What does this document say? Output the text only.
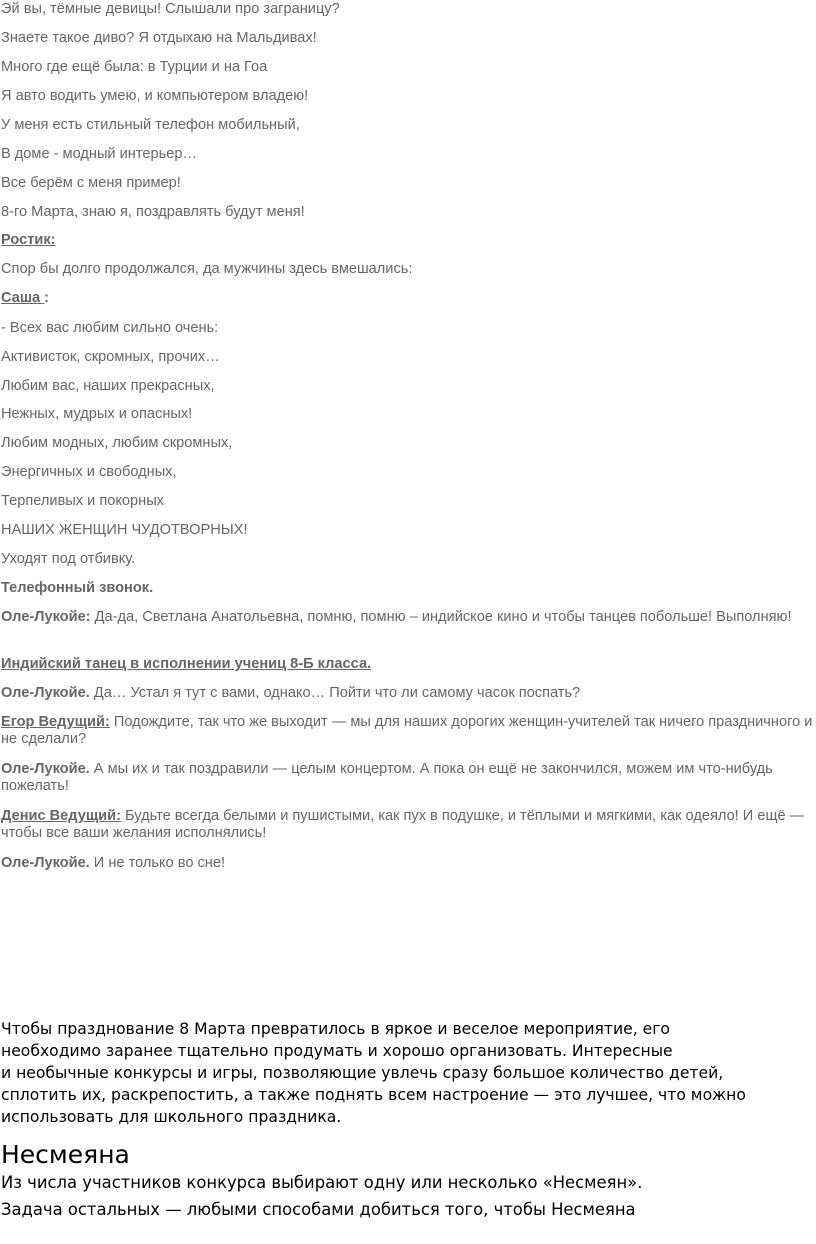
Эй вы, тёмные девицы! Слышали про заграницу?
Знаете такое диво? Я отдыхаю на Мальдивах!
Много где ещё была: в Турции и на Гоа
Я авто водить умею, и компьютером владею!
У меня есть стильный телефон мобильный,
В доме - модный интерьер…
Все берём с меня пример!
8-го Марта, знаю я, поздравлять будут меня!
Ростик:
Спор бы долго продолжался, да мужчины здесь вмешались:
Саша :
- Всех вас любим сильно очень:
Активисток, скромных, прочих…
Любим вас, наших прекрасных,
Нежных, мудрых и опасных!
Любим модных, любим скромных,
Энергичных и свободных,
Терпеливых и покорных
НАШИХ ЖЕНЩИН ЧУДОТВОРНЫХ!
Уходят под отбивку.
Телефонный звонок.
Оле-Лукойе: Да-да, Светлана Анатольевна, помню, помню – индийское кино и чтобы танцев побольше! Выполняю!
Индийский танец в исполнении учениц 8-Б класса.
Оле-Лукойе. Да… Устал я тут с вами, однако… Пойти что ли самому часок поспать?
Егор Ведущий: Подождите, так что же выходит — мы для наших дорогих женщин-учителей так ничего праздничного и не сделали?
Оле-Лукойе. А мы их и так поздравили — целым концертом. А пока он ещё не закончился, можем им что-нибудь пожелать!
Денис Ведущий: Будьте всегда белыми и пушистыми, как пух в подушке, и тёплыми и мягкими, как одеяло! И ещё — чтобы все ваши желания исполнялись!
Оле-Лукойе. И не только во сне!
Чтобы празднование 8 Марта превратилось в яркое и веселое мероприятие, его
необходимо заранее тщательно продумать и хорошо организовать. Интересные
и необычные конкурсы и игры, позволяющие увлечь сразу большое количество детей,
сплотить их, раскрепостить, а также поднять всем настроение — это лучшее, что можно
использовать для школьного праздника.
Несмеяна
Из числа участников конкурса выбирают одну или несколько «Несмеян».
Задача остальных — любыми способами добиться того, чтобы Несмеяна
